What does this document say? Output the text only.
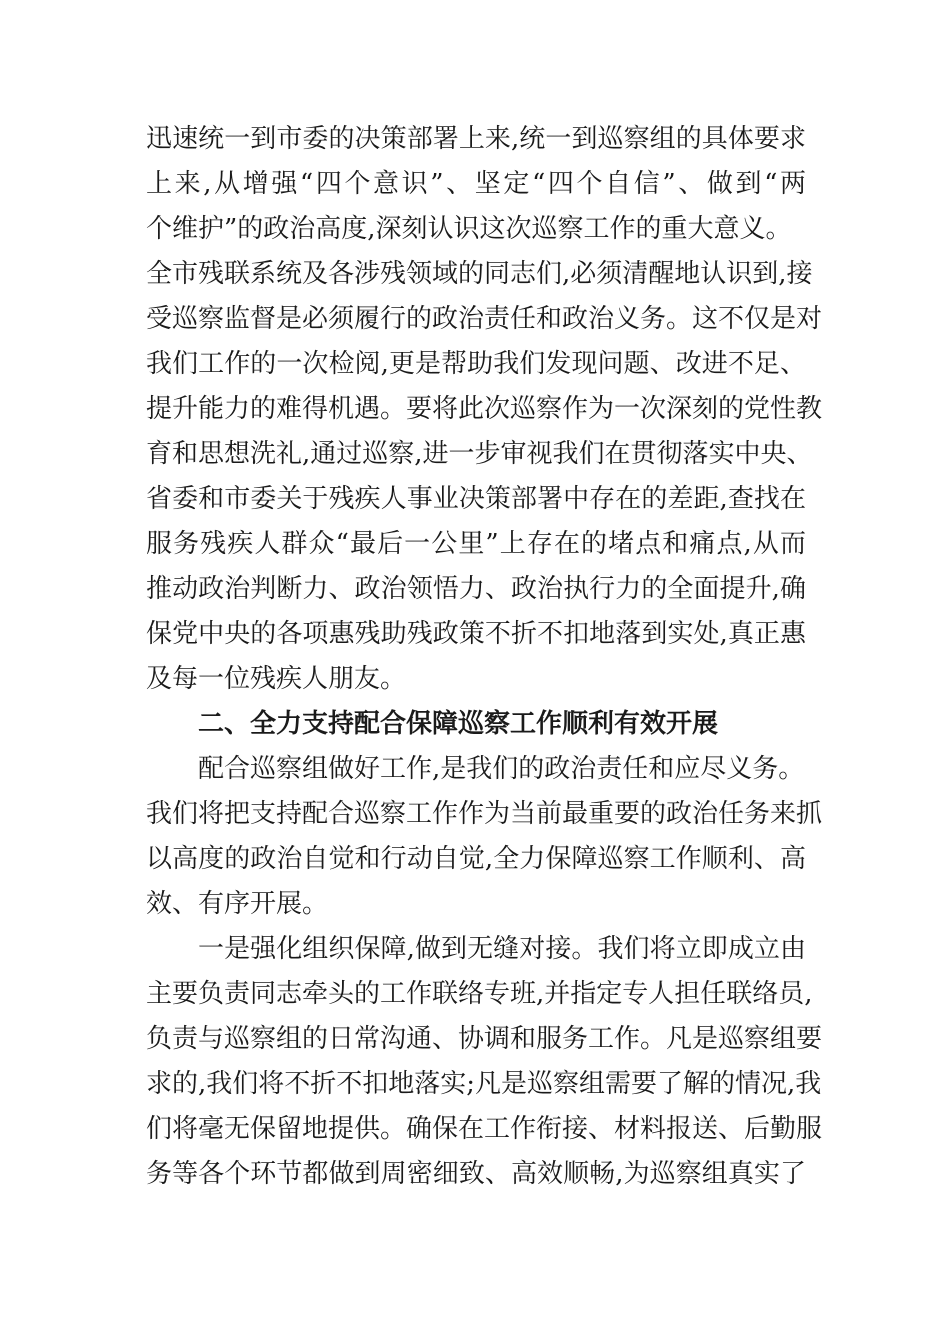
迅速统一到市委的决策部署上来,统一到巡察组的具体要求
上来,从增强“四个意识”、坚定“四个自信”、做到“两
个维护”的政治高度,深刻认识这次巡察工作的重大意义。
全市残联系统及各涉残领域的同志们,必须清醒地认识到,接
受巡察监督是必须履行的政治责任和政治义务。这不仅是对
我们工作的一次检阅,更是帮助我们发现问题、改进不足、
提升能力的难得机遇。要将此次巡察作为一次深刻的党性教
育和思想洗礼,通过巡察,进一步审视我们在贯彻落实中央、
省委和市委关于残疾人事业决策部署中存在的差距,查找在
服务残疾人群众“最后一公里”上存在的堵点和痛点,从而
推动政治判断力、政治领悟力、政治执行力的全面提升,确
保党中央的各项惠残助残政策不折不扣地落到实处,真正惠
及每一位残疾人朋友。
二、全力支持配合保障巡察工作顺利有效开展
配合巡察组做好工作,是我们的政治责任和应尽义务。
我们将把支持配合巡察工作作为当前最重要的政治任务来抓
以高度的政治自觉和行动自觉,全力保障巡察工作顺利、高
效、有序开展。
一是强化组织保障,做到无缝对接。我们将立即成立由
主要负责同志牵头的工作联络专班,并指定专人担任联络员,
负责与巡察组的日常沟通、协调和服务工作。凡是巡察组要
求的,我们将不折不扣地落实;凡是巡察组需要了解的情况,我
们将毫无保留地提供。确保在工作衔接、材料报送、后勤服
务等各个环节都做到周密细致、高效顺畅,为巡察组真实了
